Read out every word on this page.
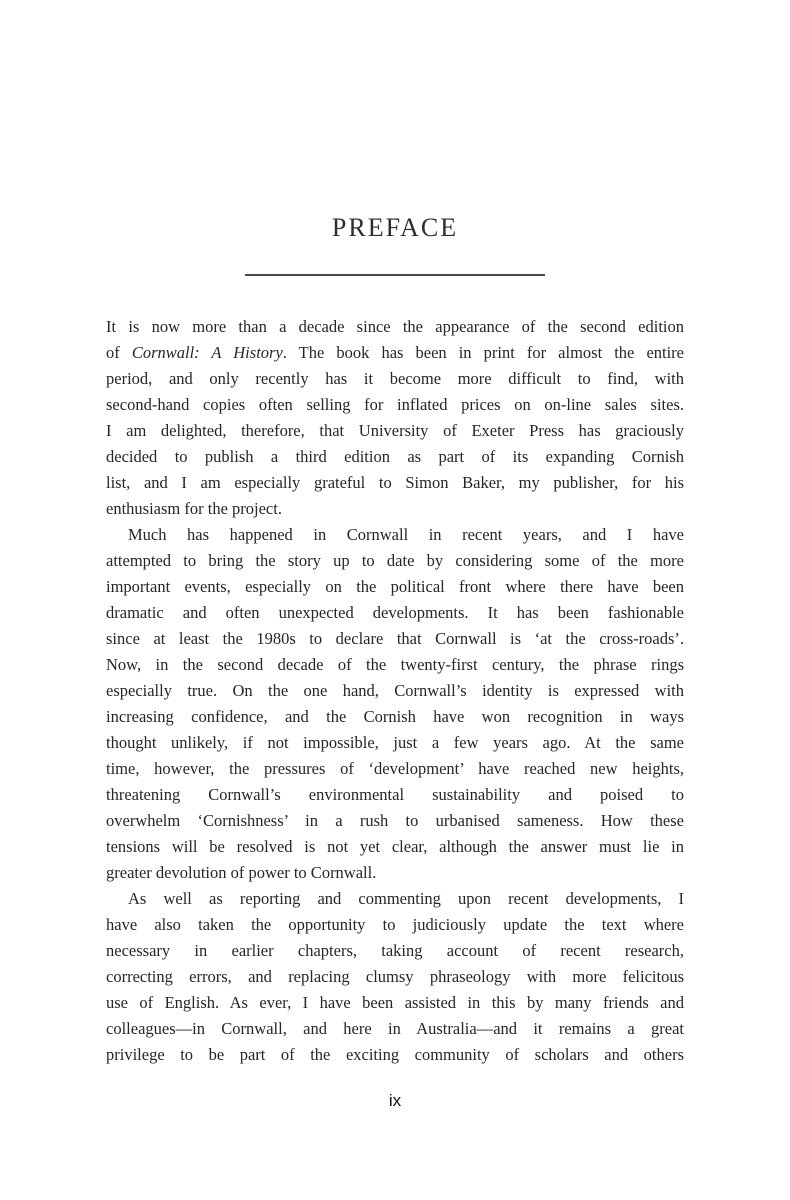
PREFACE
It is now more than a decade since the appearance of the second edition
of Cornwall: A History. The book has been in print for almost the entire
period, and only recently has it become more difficult to find, with
second-hand copies often selling for inflated prices on on-line sales sites.
I am delighted, therefore, that University of Exeter Press has graciously
decided to publish a third edition as part of its expanding Cornish
list, and I am especially grateful to Simon Baker, my publisher, for his
enthusiasm for the project.
Much has happened in Cornwall in recent years, and I have
attempted to bring the story up to date by considering some of the more
important events, especially on the political front where there have been
dramatic and often unexpected developments. It has been fashionable
since at least the 1980s to declare that Cornwall is ‘at the cross-roads’.
Now, in the second decade of the twenty-first century, the phrase rings
especially true. On the one hand, Cornwall’s identity is expressed with
increasing confidence, and the Cornish have won recognition in ways
thought unlikely, if not impossible, just a few years ago. At the same
time, however, the pressures of ‘development’ have reached new heights,
threatening Cornwall’s environmental sustainability and poised to
overwhelm ‘Cornishness’ in a rush to urbanised sameness. How these
tensions will be resolved is not yet clear, although the answer must lie in
greater devolution of power to Cornwall.
As well as reporting and commenting upon recent developments, I
have also taken the opportunity to judiciously update the text where
necessary in earlier chapters, taking account of recent research,
correcting errors, and replacing clumsy phraseology with more felicitous
use of English. As ever, I have been assisted in this by many friends and
colleagues—in Cornwall, and here in Australia—and it remains a great
privilege to be part of the exciting community of scholars and others
ix
